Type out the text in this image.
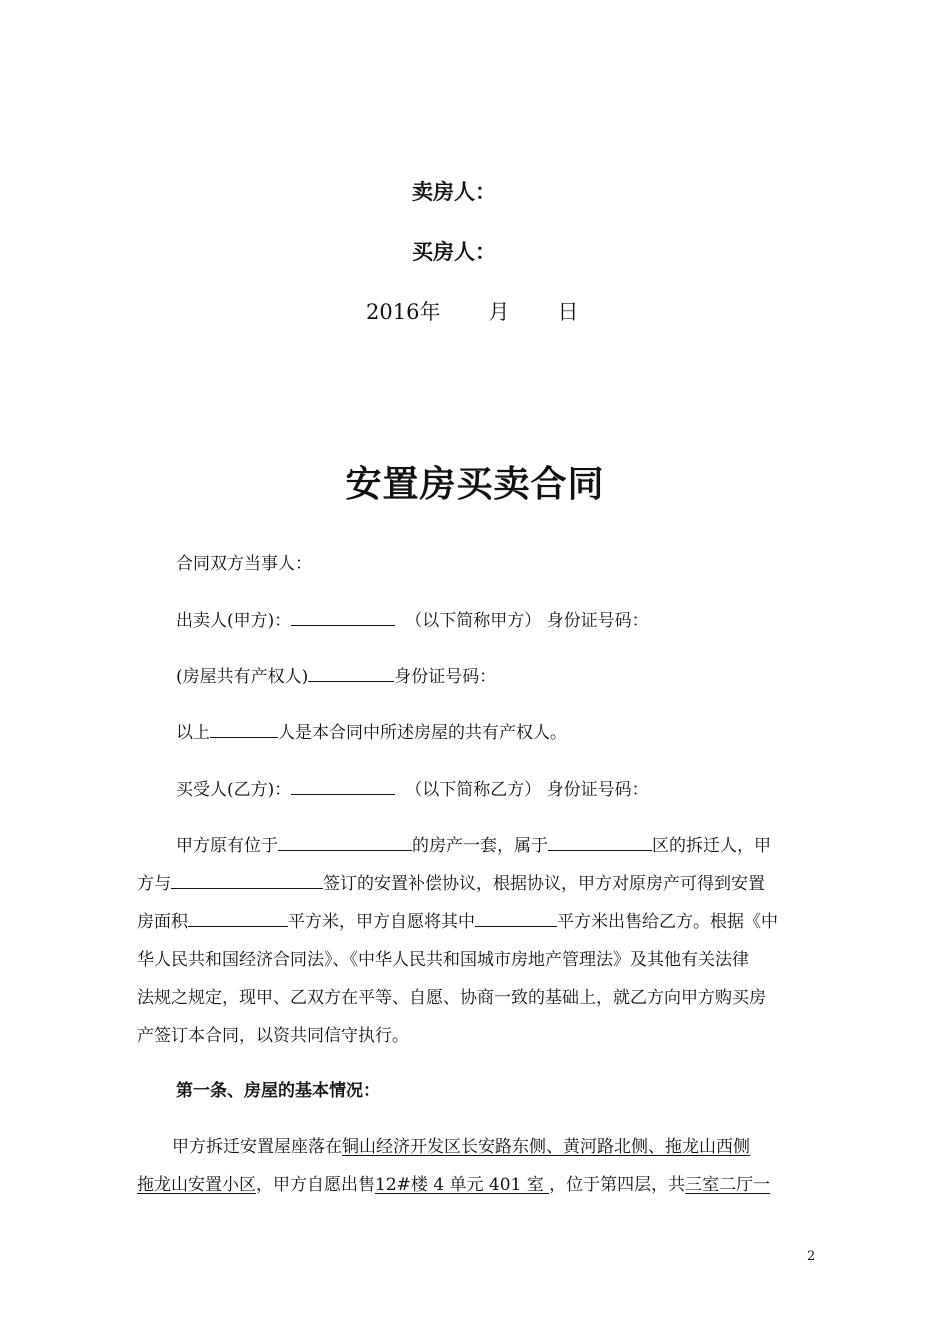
卖房人：
买房人：
2016年 月 日
安置房买卖合同
合同双方当事人：
出卖人(甲方)：	（以下简称甲方） 身份证号码：
(房屋共有产权人)	身份证号码：
以上	人是本合同中所述房屋的共有产权人。
买受人(乙方)：	（以下简称乙方） 身份证号码：
甲方原有位于	的房产一套，属于	区的拆迁人，甲
方与	签订的安置补偿协议，根据协议，甲方对原房产可得到安置
房面积	平方米，甲方自愿将其中	平方米出售给乙方。根据《中
华人民共和国经济合同法》、《中华人民共和国城市房地产管理法》及其他有关法律
法规之规定，现甲、乙双方在平等、自愿、协商一致的基础上，就乙方向甲方购买房
产签订本合同，以资共同信守执行。
第一条、房屋的基本情况：
甲方拆迁安置屋座落在铜山经济开发区长安路东侧、黄河路北侧、拖龙山西侧
拖龙山安置小区，甲方自愿出售12#楼 4 单元 401 室 ，位于第四层，共三室二厅一
2
